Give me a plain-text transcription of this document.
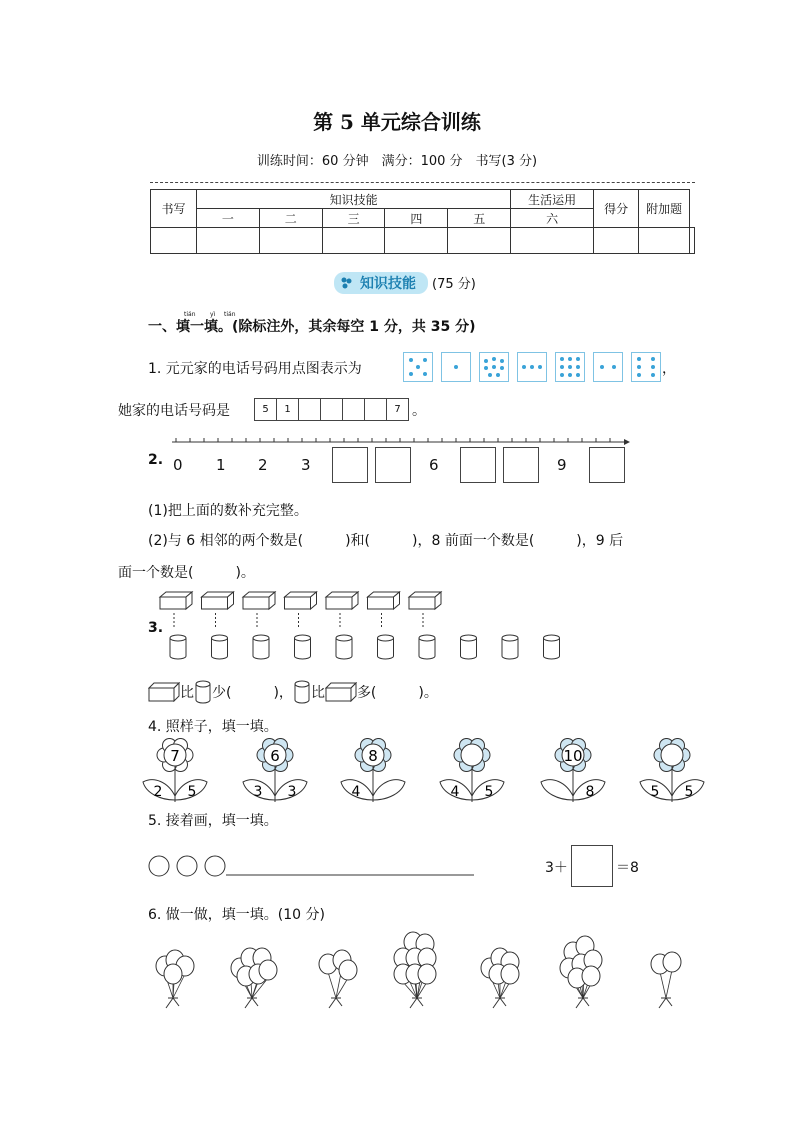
第 5 单元综合训练
训练时间：60 分钟　满分：100 分　书写(3 分)
书写	知识技能					生活运用	得分	附加题	
	一	二	三	四	五	六			

知识技能 (75 分)
tián yì tián
一、填一填。(除标注外，其余每空 1 分，共 35 分)
1. 元元家的电话号码用点图表示为	，
她家的电话号码是	5	1	7 。
2. 0 1 2 3	6	9
(1)把上面的数补充完整。
(2)与 6 相邻的两个数是(　　　)和(　　　)，8 前面一个数是(　　　)，9 后
面一个数是(　　　)。
3.
比 少(　　　)， 比 多(　　　)。
4. 照样子，填一填。
7
2 5
6
3 3
8
4	4 5
10
8	5 5
5. 接着画，填一填。
3＋	＝8
6. 做一做，填一填。(10 分)
